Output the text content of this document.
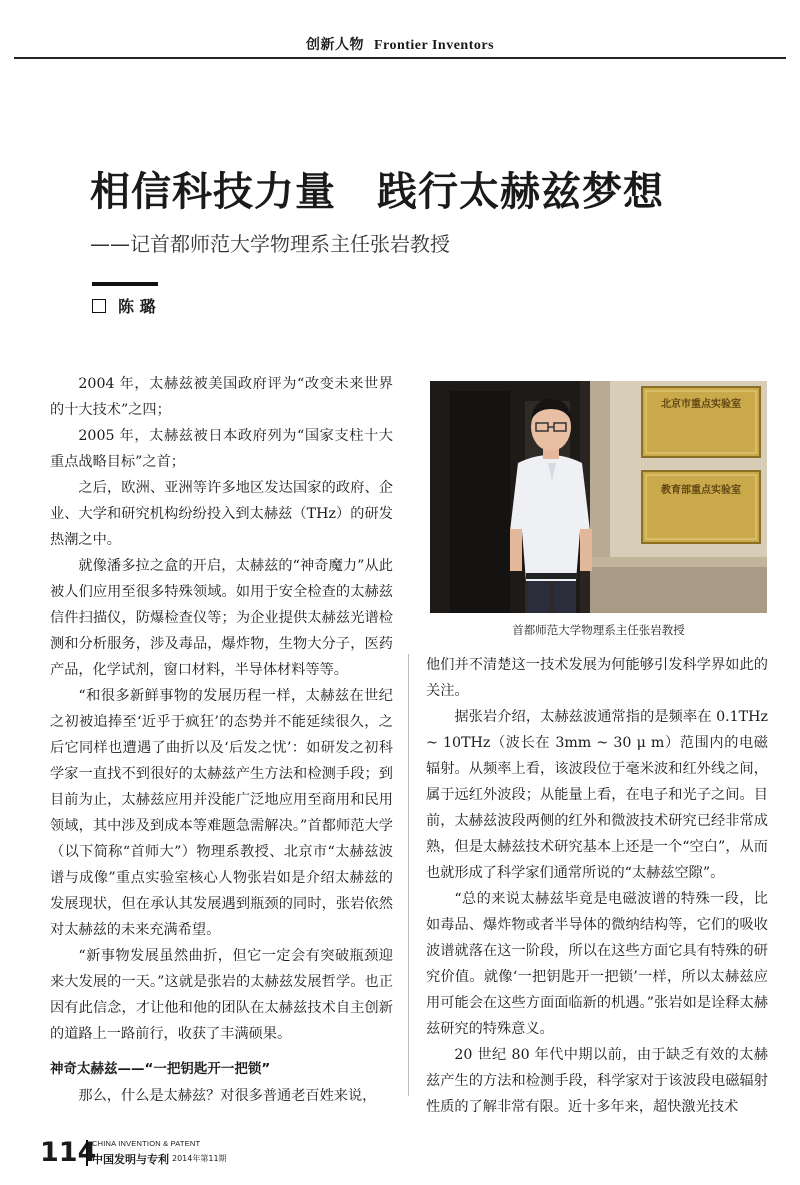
创新人物 Frontier Inventors
相信科技力量　践行太赫兹梦想
——记首都师范大学物理系主任张岩教授
陈 璐

2004 年，太赫兹被美国政府评为“改变未来世界的十大技术”之四；

2005 年，太赫兹被日本政府列为“国家支柱十大重点战略目标”之首；

之后，欧洲、亚洲等许多地区发达国家的政府、企业、大学和研究机构纷纷投入到太赫兹（THz）的研发热潮之中。

就像潘多拉之盒的开启，太赫兹的“神奇魔力”从此被人们应用至很多特殊领域。如用于安全检查的太赫兹信件扫描仪，防爆检查仪等；为企业提供太赫兹光谱检测和分析服务，涉及毒品，爆炸物，生物大分子，医药产品，化学试剂，窗口材料，半导体材料等等。

“和很多新鲜事物的发展历程一样，太赫兹在世纪之初被追捧至‘近乎于疯狂’的态势并不能延续很久，之后它同样也遭遇了曲折以及‘后发之忧’：如研发之初科学家一直找不到很好的太赫兹产生方法和检测手段；到目前为止，太赫兹应用并没能广泛地应用至商用和民用领域，其中涉及到成本等难题急需解决。”首都师范大学（以下简称“首师大”）物理系教授、北京市“太赫兹波谱与成像”重点实验室核心人物张岩如是介绍太赫兹的发展现状，但在承认其发展遇到瓶颈的同时，张岩依然对太赫兹的未来充满希望。

“新事物发展虽然曲折，但它一定会有突破瓶颈迎来大发展的一天。”这就是张岩的太赫兹发展哲学。也正因有此信念，才让他和他的团队在太赫兹技术自主创新的道路上一路前行，收获了丰满硕果。

神奇太赫兹——“一把钥匙开一把锁”

那么，什么是太赫兹？对很多普通老百姓来说，

北京市重点实验室
教育部重点实验室
首都师范大学物理系主任张岩教授

他们并不清楚这一技术发展为何能够引发科学界如此的关注。

据张岩介绍，太赫兹波通常指的是频率在 0.1THz ~ 10THz（波长在 3mm ~ 30 μ m）范围内的电磁辐射。从频率上看，该波段位于毫米波和红外线之间，属于远红外波段；从能量上看，在电子和光子之间。目前，太赫兹波段两侧的红外和微波技术研究已经非常成熟，但是太赫兹技术研究基本上还是一个“空白”，从而也就形成了科学家们通常所说的“太赫兹空隙”。

“总的来说太赫兹毕竟是电磁波谱的特殊一段，比如毒品、爆炸物或者半导体的微纳结构等，它们的吸收波谱就落在这一阶段，所以在这些方面它具有特殊的研究价值。就像‘一把钥匙开一把锁’一样，所以太赫兹应用可能会在这些方面面临新的机遇。”张岩如是诠释太赫兹研究的特殊意义。

20 世纪 80 年代中期以前，由于缺乏有效的太赫兹产生的方法和检测手段，科学家对于该波段电磁辐射性质的了解非常有限。近十多年来，超快激光技术

114
CHINA INVENTION & PATENT
中国发明与专利 2014年第11期
